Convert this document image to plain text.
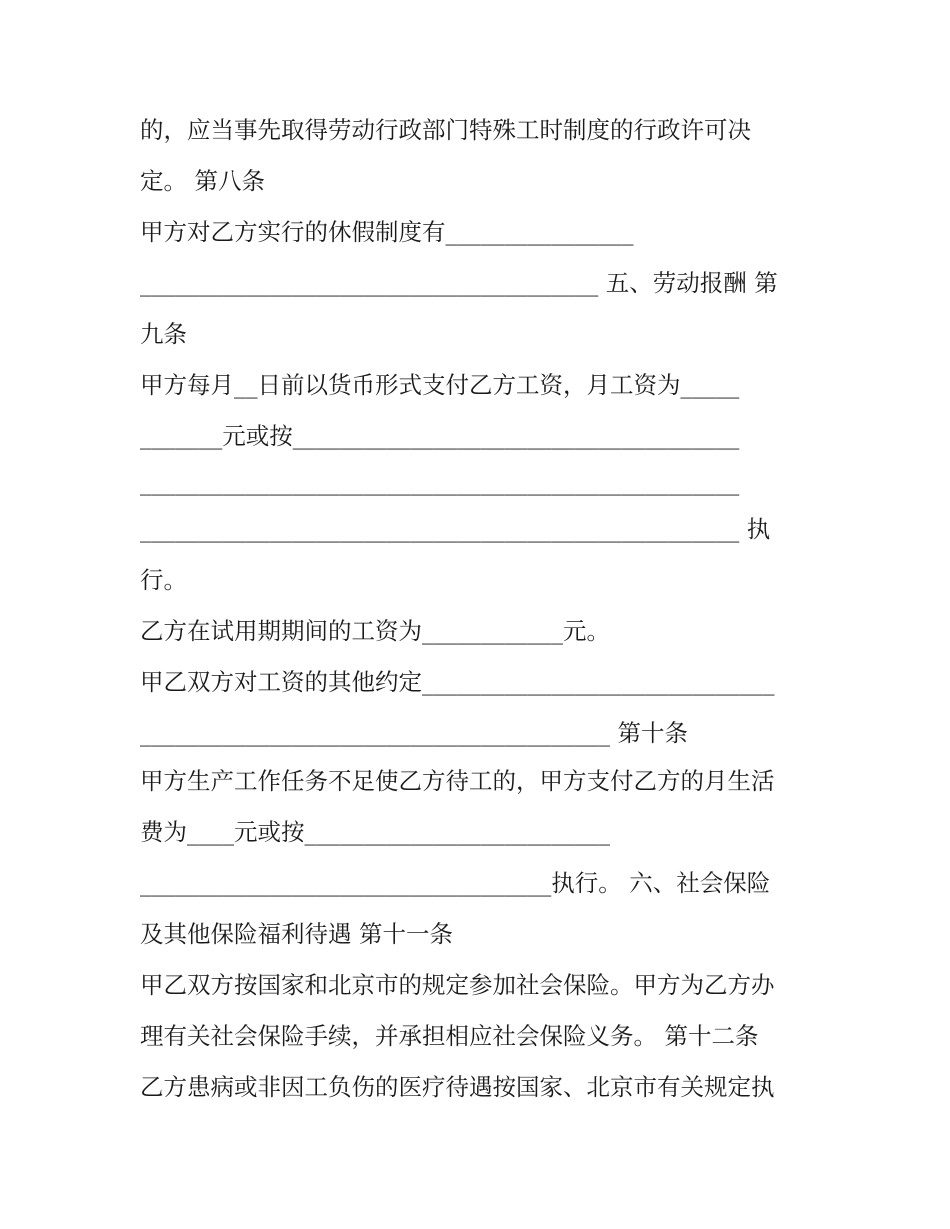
的，应当事先取得劳动行政部门特殊工时制度的行政许可决
定。 第八条
甲方对乙方实行的休假制度有________________
_______________________________________ 五、劳动报酬 第
九条
甲方每月__日前以货币形式支付乙方工资，月工资为_____
_______元或按______________________________________
___________________________________________________
___________________________________________________ 执
行。
乙方在试用期期间的工资为____________元。
甲乙双方对工资的其他约定______________________________
________________________________________ 第十条
甲方生产工作任务不足使乙方待工的，甲方支付乙方的月生活
费为____元或按__________________________
___________________________________执行。 六、社会保险
及其他保险福利待遇 第十一条
甲乙双方按国家和北京市的规定参加社会保险。甲方为乙方办
理有关社会保险手续，并承担相应社会保险义务。 第十二条
乙方患病或非因工负伤的医疗待遇按国家、北京市有关规定执
